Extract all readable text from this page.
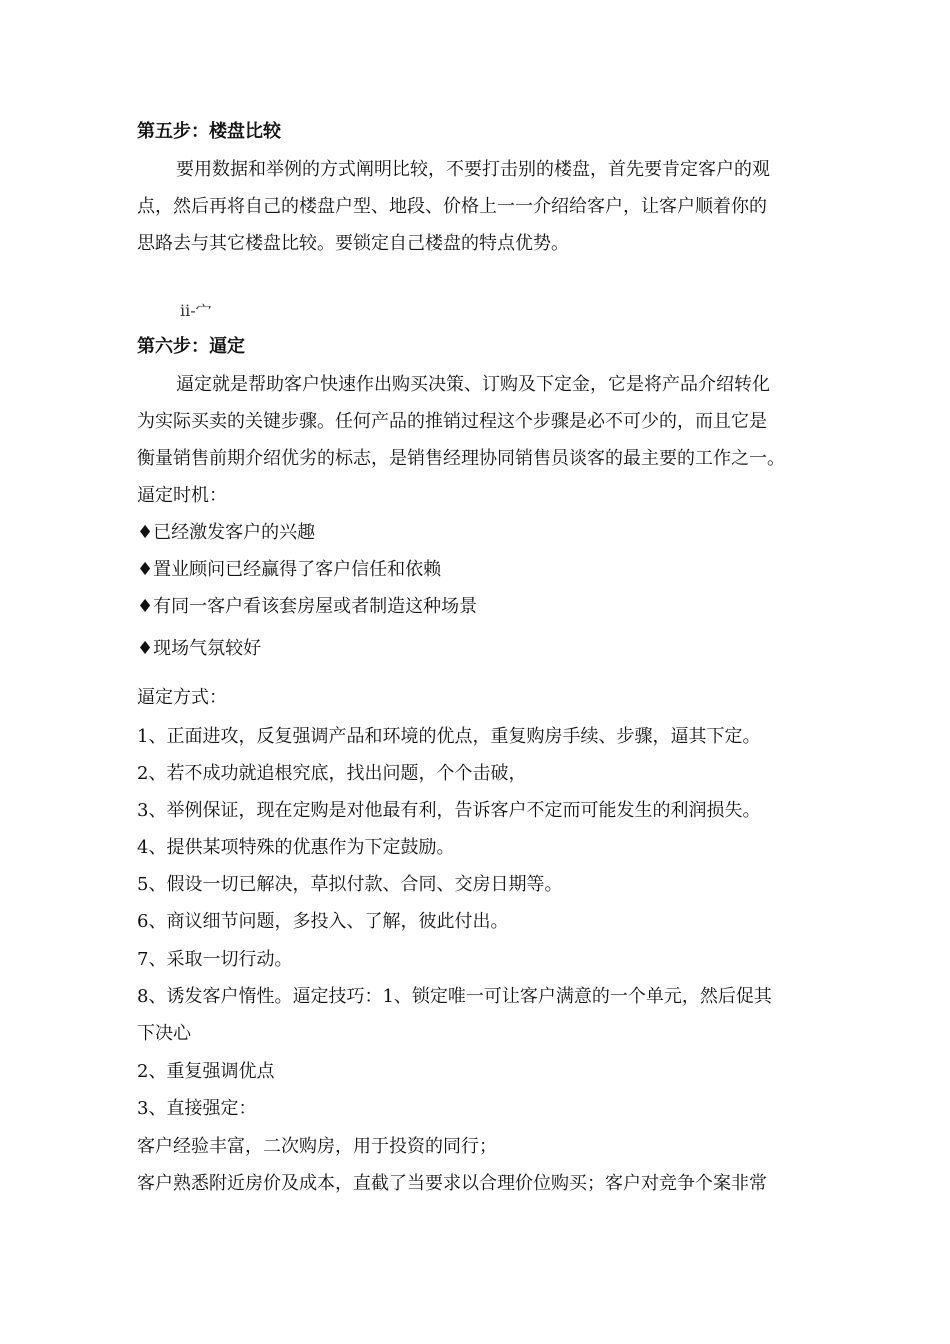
第五步：楼盘比较
要用数据和举例的方式阐明比较，不要打击别的楼盘，首先要肯定客户的观
点，然后再将自己的楼盘户型、地段、价格上一一介绍给客户，让客户顺着你的
思路去与其它楼盘比较。要锁定自己楼盘的特点优势。
ii-宀
第六步：逼定
逼定就是帮助客户快速作出购买决策、订购及下定金，它是将产品介绍转化
为实际买卖的关键步骤。任何产品的推销过程这个步骤是必不可少的，而且它是
衡量销售前期介绍优劣的标志，是销售经理协同销售员谈客的最主要的工作之一。
逼定时机：
♦已经激发客户的兴趣
♦置业顾问已经赢得了客户信任和依赖
♦有同一客户看该套房屋或者制造这种场景
♦现场气氛较好
逼定方式：
1、正面进攻，反复强调产品和环境的优点，重复购房手续、步骤，逼其下定。
2、若不成功就追根究底，找出问题，个个击破，
3、举例保证，现在定购是对他最有利，告诉客户不定而可能发生的利润损失。
4、提供某项特殊的优惠作为下定鼓励。
5、假设一切已解决，草拟付款、合同、交房日期等。
6、商议细节问题，多投入、了解，彼此付出。
7、采取一切行动。
8、诱发客户惰性。逼定技巧：1、锁定唯一可让客户满意的一个单元，然后促其
下决心
2、重复强调优点
3、直接强定：
客户经验丰富，二次购房，用于投资的同行；
客户熟悉附近房价及成本，直截了当要求以合理价位购买；客户对竞争个案非常
